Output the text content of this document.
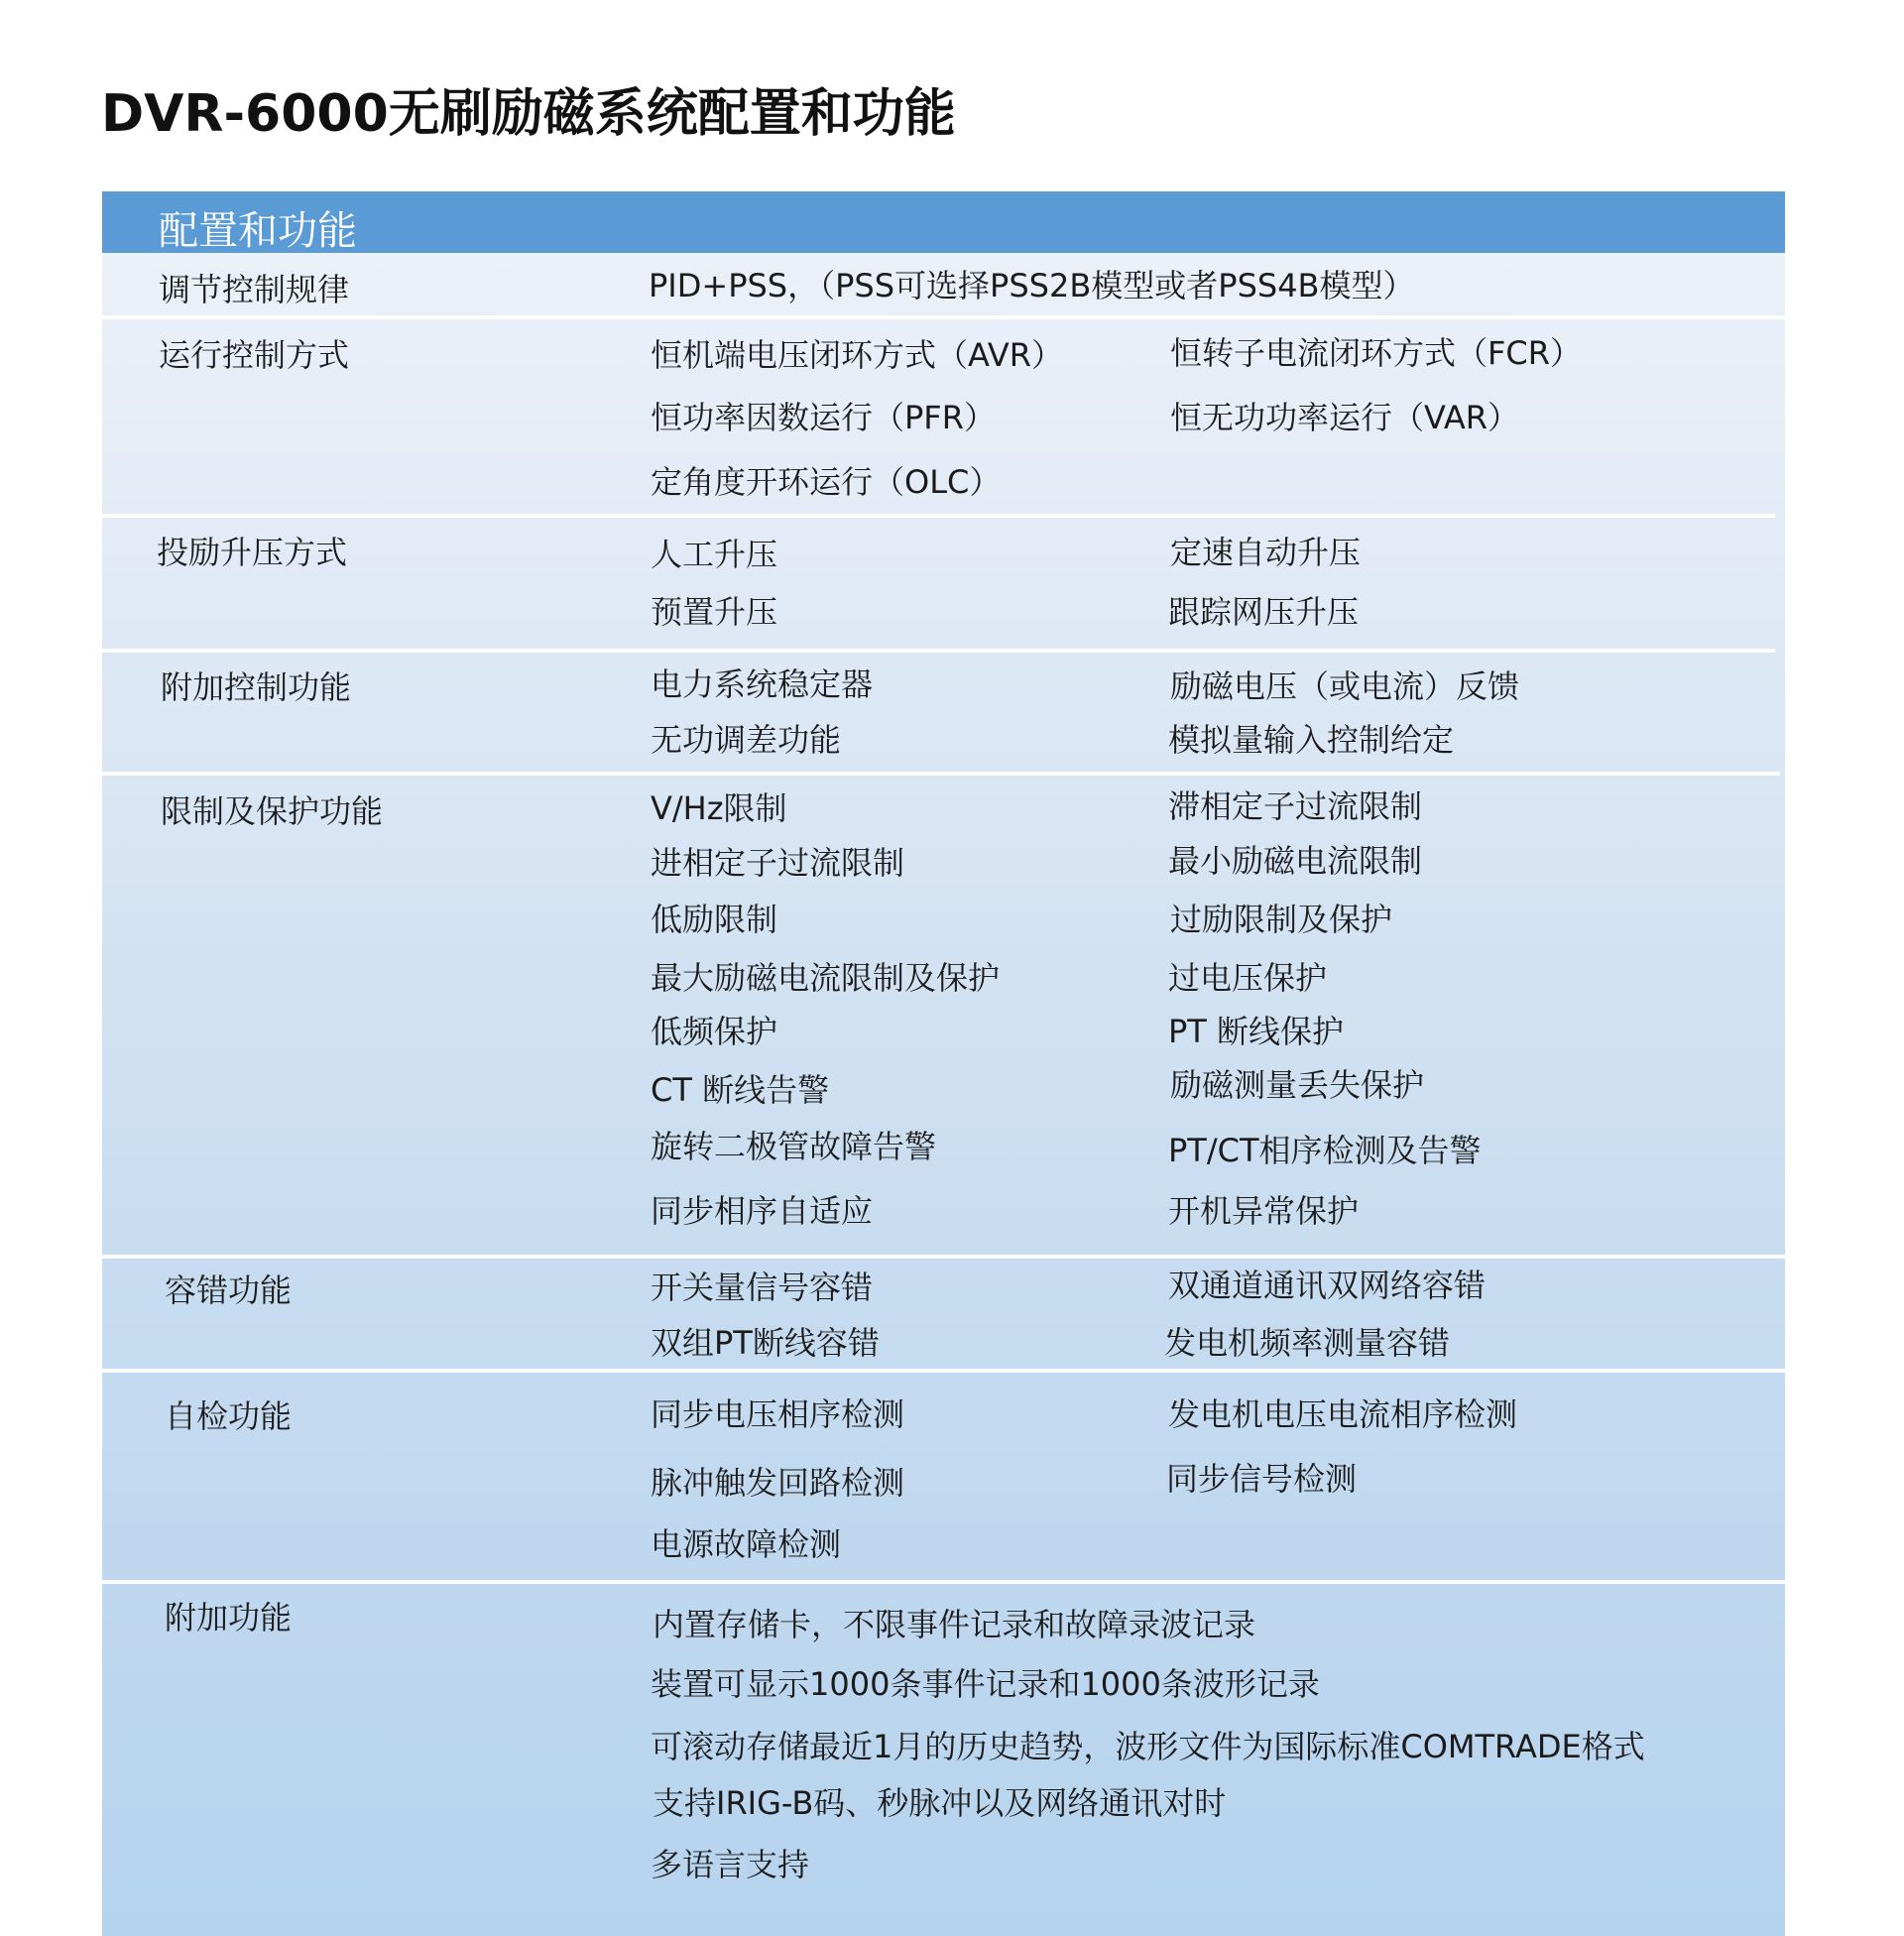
DVR-6000无刷励磁系统配置和功能
配置和功能
调节控制规律	PID+PSS，（PSS可选择PSS2B模型或者PSS4B模型）
运行控制方式	恒机端电压闭环方式（AVR）	恒转子电流闭环方式（FCR）
恒功率因数运行（PFR）	恒无功功率运行（VAR）
定角度开环运行（OLC）
投励升压方式	人工升压	定速自动升压
预置升压	跟踪网压升压
附加控制功能	电力系统稳定器	励磁电压（或电流）反馈
无功调差功能	模拟量输入控制给定
限制及保护功能	V/Hz限制	滞相定子过流限制
进相定子过流限制	最小励磁电流限制
低励限制	过励限制及保护
最大励磁电流限制及保护	过电压保护
低频保护	PT 断线保护
CT 断线告警	励磁测量丢失保护
旋转二极管故障告警	PT/CT相序检测及告警
同步相序自适应	开机异常保护
容错功能	开关量信号容错	双通道通讯双网络容错
双组PT断线容错	发电机频率测量容错
自检功能	同步电压相序检测	发电机电压电流相序检测
脉冲触发回路检测	同步信号检测
电源故障检测
附加功能	内置存储卡，不限事件记录和故障录波记录
装置可显示1000条事件记录和1000条波形记录
可滚动存储最近1月的历史趋势，波形文件为国际标准COMTRADE格式
支持IRIG-B码、秒脉冲以及网络通讯对时
多语言支持
